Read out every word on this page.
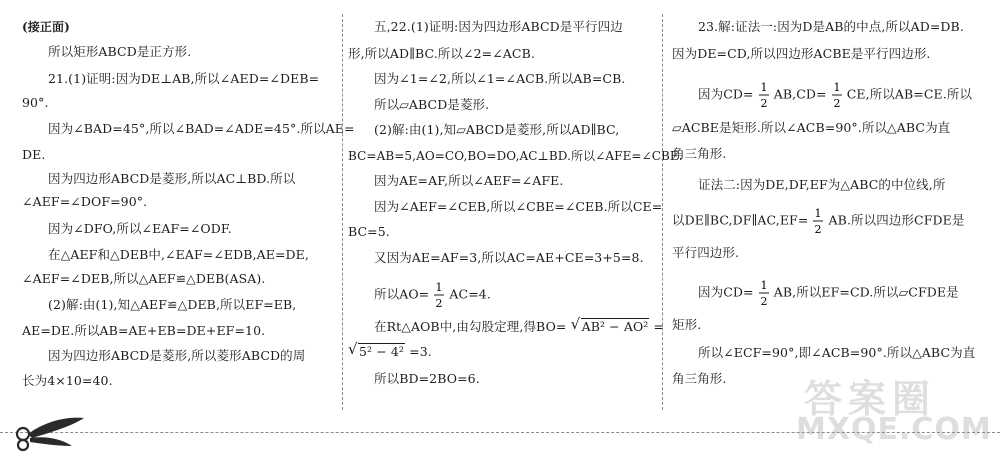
(接正面)
所以矩形ABCD是正方形.
21.(1)证明:因为DE⊥AB,所以∠AED=∠DEB=
90°.
因为∠BAD=45°,所以∠BAD=∠ADE=45°.所以AE=
DE.
因为四边形ABCD是菱形,所以AC⊥BD.所以
∠AEF=∠DOF=90°.
因为∠DFO,所以∠EAF=∠ODF.
在△AEF和△DEB中,∠EAF=∠EDB,AE=DE,
∠AEF=∠DEB,所以△AEF≌△DEB(ASA).
(2)解:由(1),知△AEF≌△DEB,所以EF=EB,
AE=DE.所以AB=AE+EB=DE+EF=10.
因为四边形ABCD是菱形,所以菱形ABCD的周
长为4×10=40.
五,22.(1)证明:因为四边形ABCD是平行四边
形,所以AD∥BC.所以∠2=∠ACB.
因为∠1=∠2,所以∠1=∠ACB.所以AB=CB.
所以▱ABCD是菱形.
(2)解:由(1),知▱ABCD是菱形,所以AD∥BC,
BC=AB=5,AO=CO,BO=DO,AC⊥BD.所以∠AFE=∠CBE.
因为AE=AF,所以∠AEF=∠AFE.
因为∠AEF=∠CEB,所以∠CBE=∠CEB.所以CE=
BC=5.
又因为AE=AF=3,所以AC=AE+CE=3+5=8.
所以AO= 1
2
AC=4.
在Rt△AOB中,由勾股定理,得BO= √ AB² − AO² =
√ 5² − 4² =3.
所以BD=2BO=6.
23.解:证法一:因为D是AB的中点,所以AD=DB.
因为DE=CD,所以四边形ACBE是平行四边形.
因为CD= 1
2
AB,CD= 1
2
CE,所以AB=CE.所以
▱ACBE是矩形.所以∠ACB=90°.所以△ABC为直
角三角形.
证法二:因为DE,DF,EF为△ABC的中位线,所
以DE∥BC,DF∥AC,EF= 1
2
AB.所以四边形CFDE是
平行四边形.
因为CD= 1
2
AB,所以EF=CD.所以▱CFDE是
矩形.
所以∠ECF=90°,即∠ACB=90°.所以△ABC为直
角三角形.	答案圈
MXQE.COM
